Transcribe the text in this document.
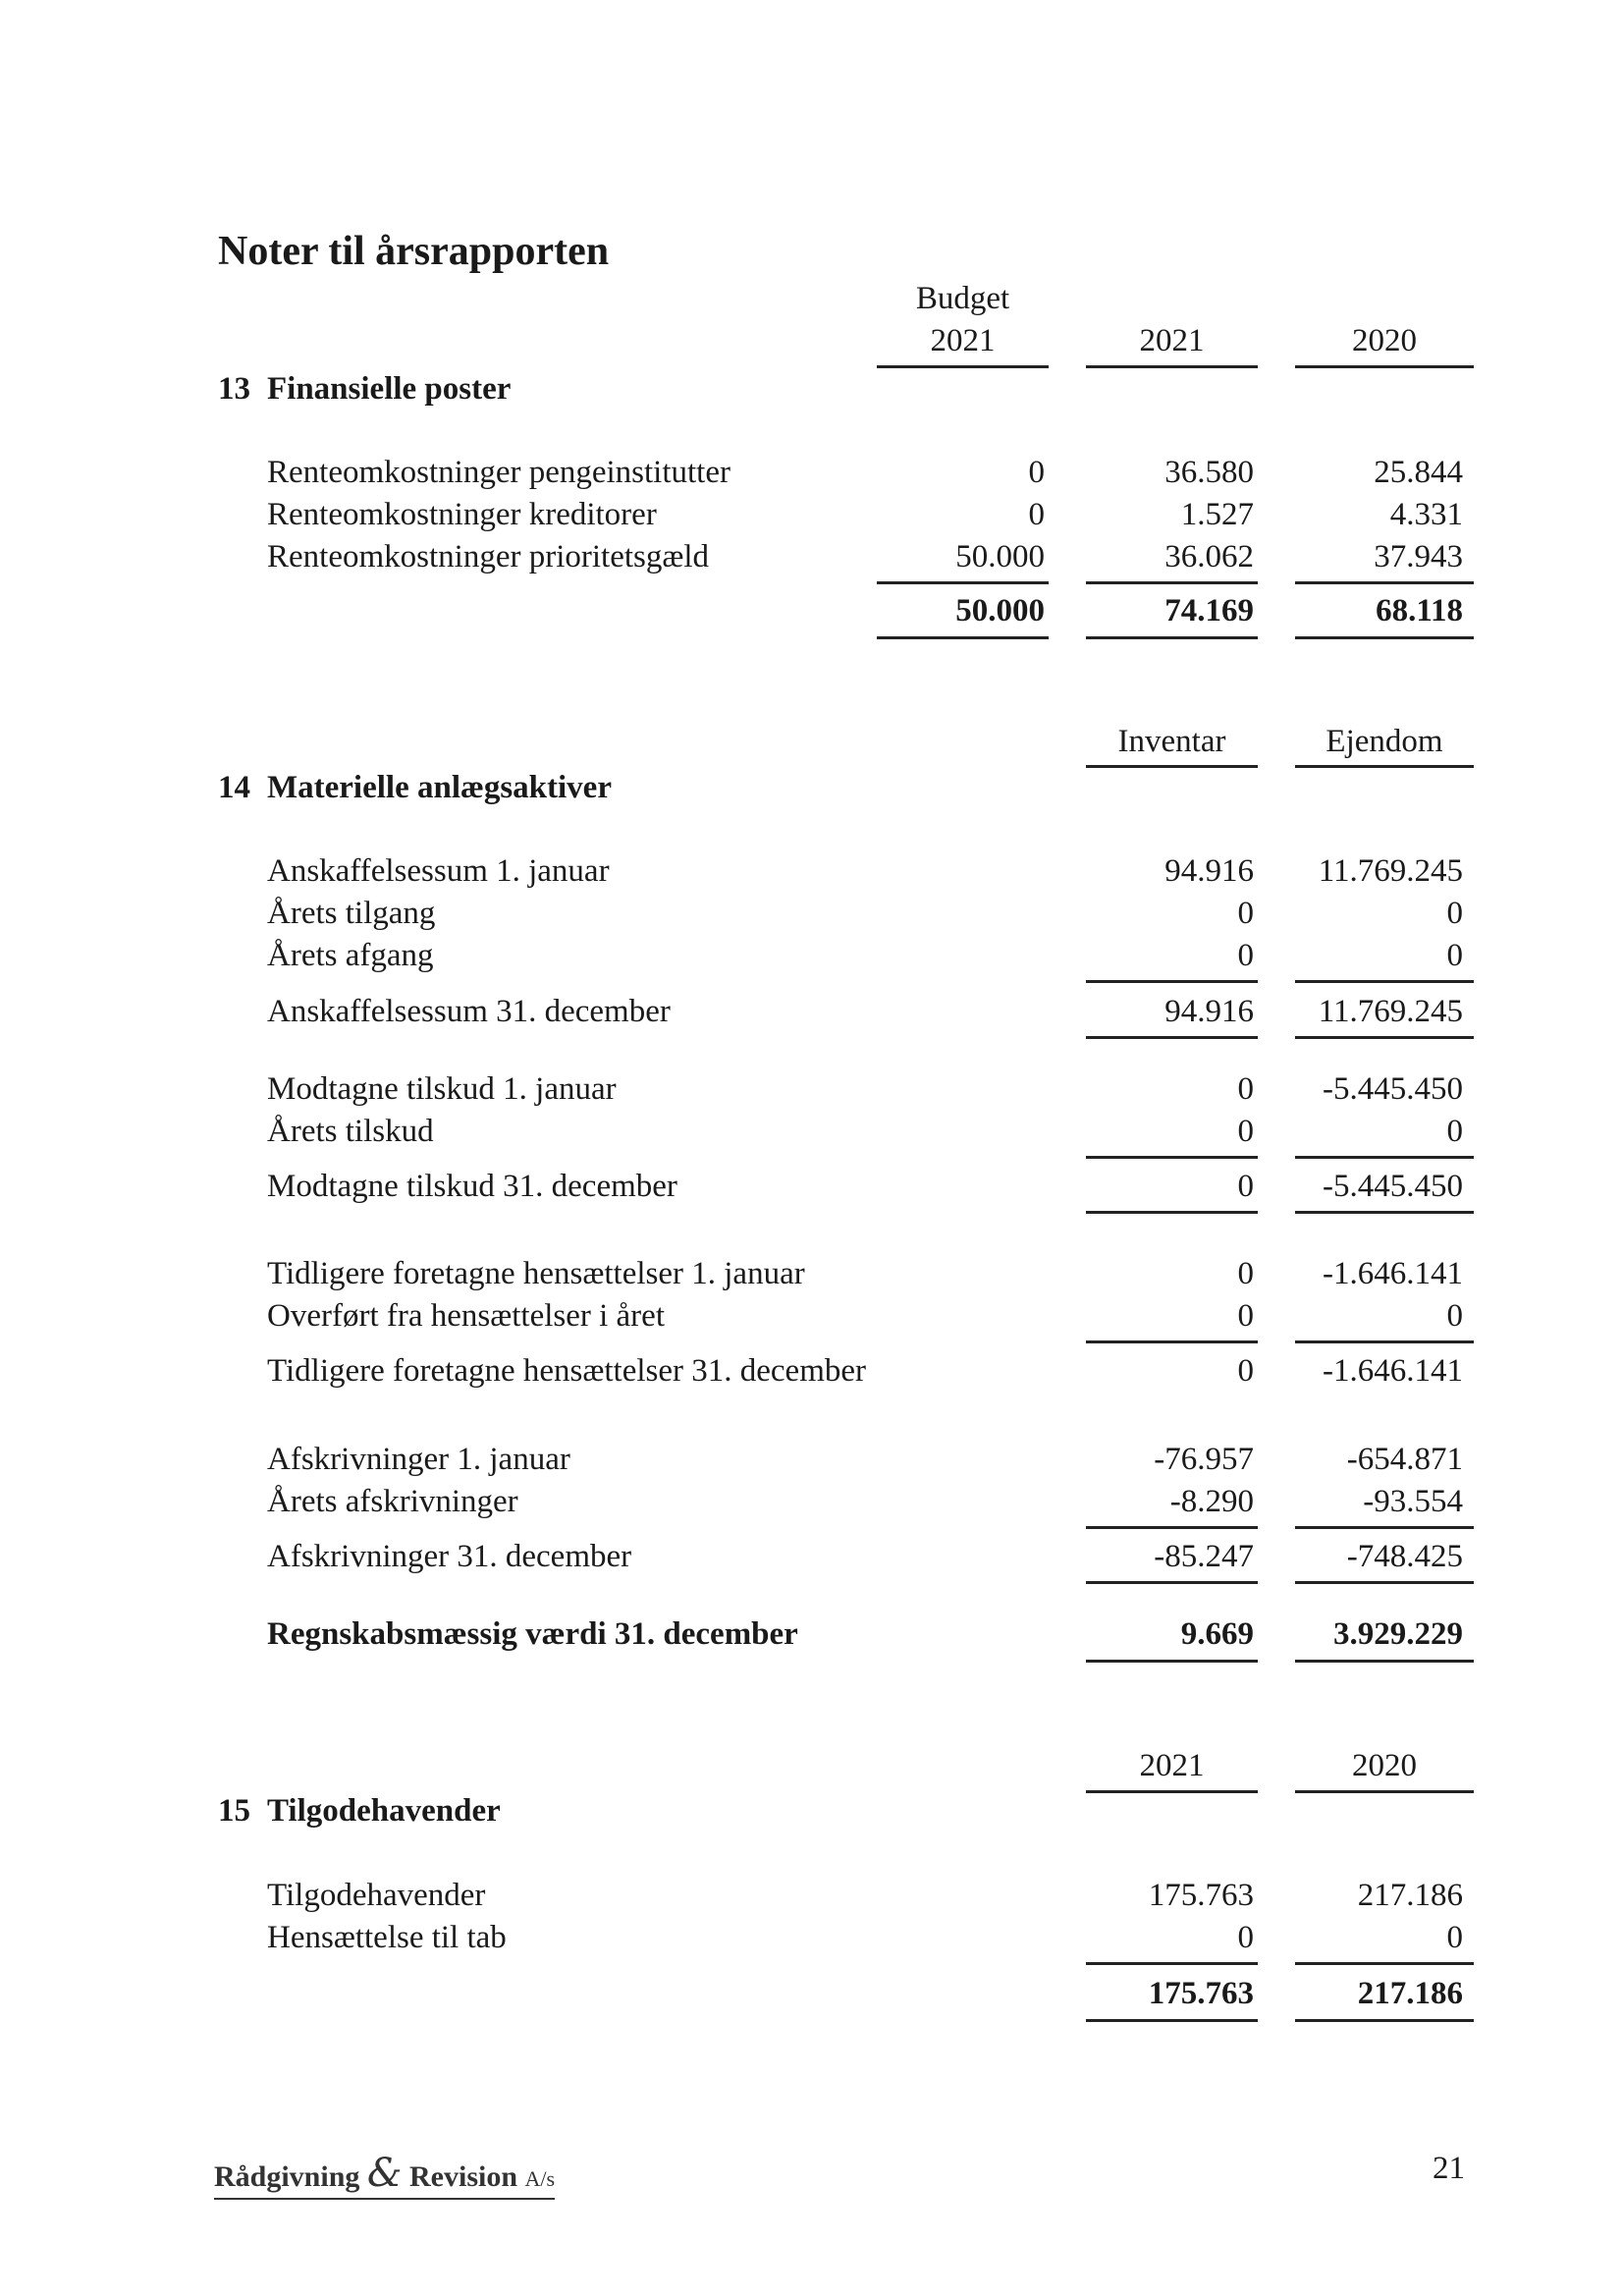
Noter til årsrapporten
Budget
2021	2021	2020
13 Finansielle poster
Renteomkostninger pengeinstitutter	0	36.580	25.844
Renteomkostninger kreditorer	0	1.527	4.331
Renteomkostninger prioritetsgæld	50.000	36.062	37.943
50.000	74.169	68.118
Inventar	Ejendom
14 Materielle anlægsaktiver
Anskaffelsessum 1. januar	94.916 11.769.245
Årets tilgang	0	0
Årets afgang	0	0
Anskaffelsessum 31. december	94.916 11.769.245
Modtagne tilskud 1. januar	0 -5.445.450
Årets tilskud	0	0
Modtagne tilskud 31. december	0 -5.445.450
Tidligere foretagne hensættelser 1. januar	0 -1.646.141
Overført fra hensættelser i året	0	0
Tidligere foretagne hensættelser 31. december	0 -1.646.141
Afskrivninger 1. januar	-76.957	-654.871
Årets afskrivninger	-8.290	-93.554
Afskrivninger 31. december	-85.247	-748.425
Regnskabsmæssig værdi 31. december	9.669 3.929.229
2021	2020
15 Tilgodehavender
Tilgodehavender	175.763	217.186
Hensættelse til tab	0	0
175.763	217.186
Rådgivning & Revision A/s	21
